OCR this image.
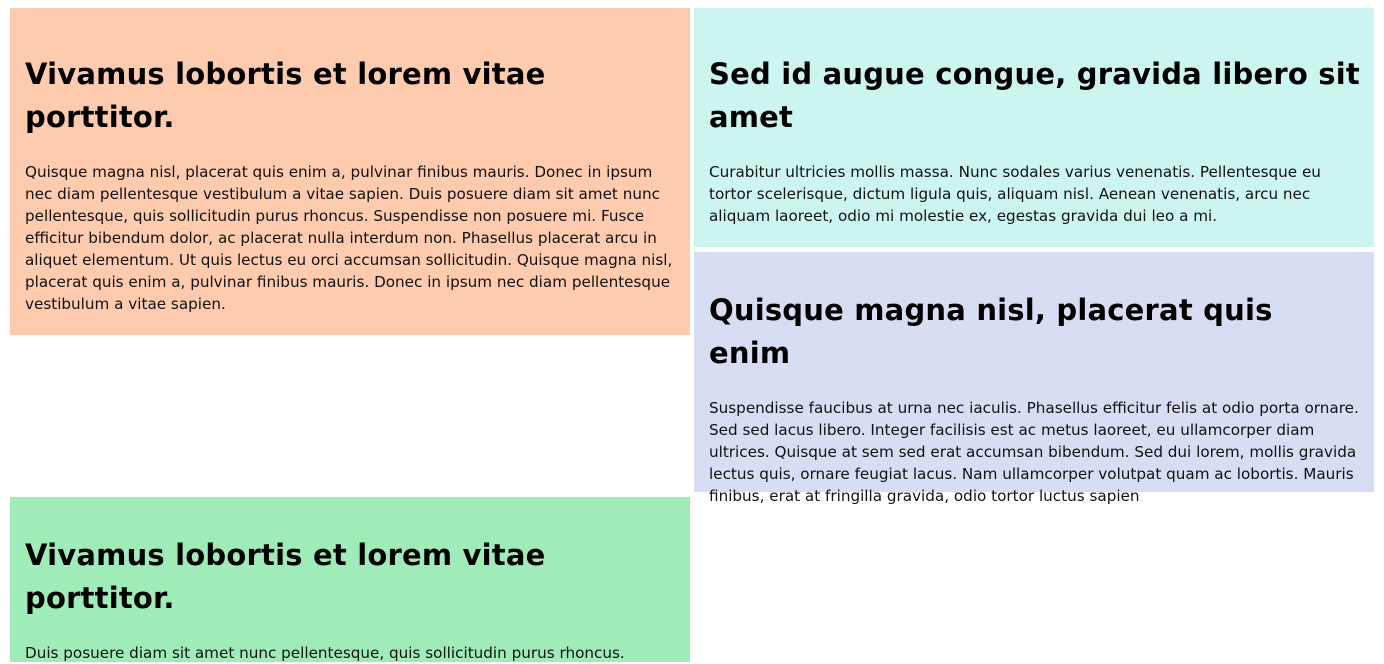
Vivamus lobortis et lorem vitae porttitor.

Quisque magna nisl, placerat quis enim a, pulvinar finibus mauris. Donec in ipsum nec diam pellentesque vestibulum a vitae sapien. Duis posuere diam sit amet nunc pellentesque, quis sollicitudin purus rhoncus. Suspendisse non posuere mi. Fusce efficitur bibendum dolor, ac placerat nulla interdum non. Phasellus placerat arcu in aliquet elementum. Ut quis lectus eu orci accumsan sollicitudin. Quisque magna nisl, placerat quis enim a, pulvinar finibus mauris. Donec in ipsum nec diam pellentesque vestibulum a vitae sapien.

Sed id augue congue, gravida libero sit amet

Curabitur ultricies mollis massa. Nunc sodales varius venenatis. Pellentesque eu tortor scelerisque, dictum ligula quis, aliquam nisl. Aenean venenatis, arcu nec aliquam laoreet, odio mi molestie ex, egestas gravida dui leo a mi.

Quisque magna nisl, placerat quis enim

Suspendisse faucibus at urna nec iaculis. Phasellus efficitur felis at odio porta ornare. Sed sed lacus libero. Integer facilisis est ac metus laoreet, eu ullamcorper diam ultrices. Quisque at sem sed erat accumsan bibendum. Sed dui lorem, mollis gravida lectus quis, ornare feugiat lacus. Nam ullamcorper volutpat quam ac lobortis. Mauris finibus, erat at fringilla gravida, odio tortor luctus sapien

Vivamus lobortis et lorem vitae porttitor.

Duis posuere diam sit amet nunc pellentesque, quis sollicitudin purus rhoncus.
